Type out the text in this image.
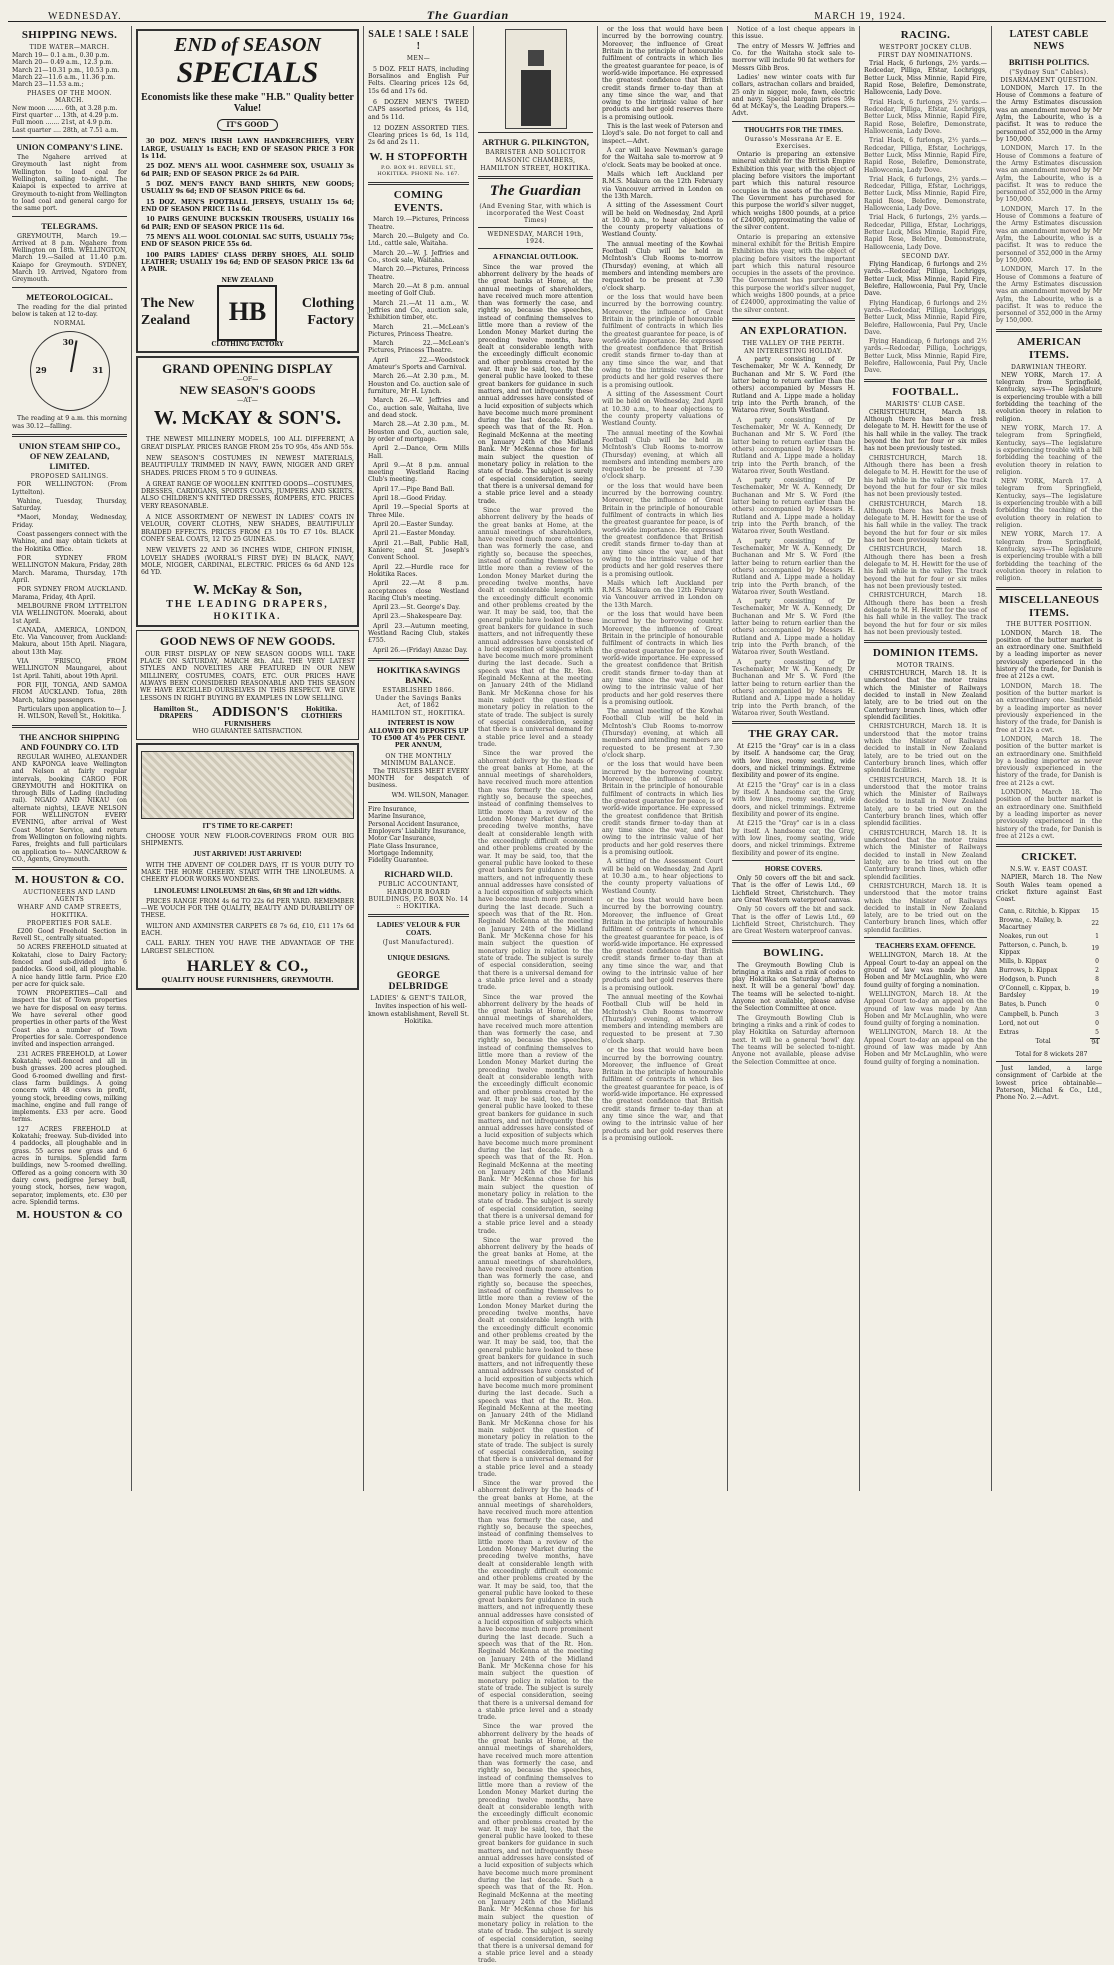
WEDNESDAY.	The Guardian	MARCH 19, 1924.
SHIPPING NEWS.
TIDE WATER—MARCH.
March 19— 0.1 a.m., 0.30 p.m.
March 20— 0.49 a.m., 12.3 p.m.
March 21—10.31 p.m., 10.53 p.m.
March 22—11.6 a.m., 11.36 p.m.
March 23—11.53 a.m.;
PHASES OF THE MOON. MARCH.
New moon ........ 6th, at 3.28 p.m.
First quarter ... 13th, at 4.29 p.m.
Full moon ....... 21st, at 4.9 p.m.
Last quarter .... 28th, at 7.51 a.m.
UNION COMPANY'S LINE.
The Ngahere arrived at Greymouth last night from Wellington to load coal for Wellington, sailing to-night. The Kaiapoi is expected to arrive at Greymouth to-night from Wellington to load coal and general cargo for the same port.
TELEGRAMS.
GREYMOUTH, March 19.—Arrived at 8 p.m. Ngahere from Wellington on 18th. WELLINGTON, March 19.—Sailed at 11.40 p.m. Kaiapo for Greymouth. SYDNEY, March 19. Arrived, Ngatoro from Greymouth.
METEOROLOGICAL.
The reading for the dial printed below is taken at 12 to-day.
NORMAL
30
29	31
The reading at 9 a.m. this morning was 30.12—falling.
UNION STEAM SHIP CO., OF NEW ZEALAND, LIMITED.
PROPOSED SAILINGS.
FOR WELLINGTON: (From Lyttelton).
Wahine, Tuesday, Thursday, Saturday.
*Maori, Monday, Wednesday, Friday.
Coast passengers connect with the Wahine, and may obtain tickets at the Hokitika Office.
FOR SYDNEY FROM WELLINGTON Makura, Friday, 28th March. Marama, Thursday, 17th April.
FOR SYDNEY FROM AUCKLAND. Marama, Friday, 4th April.
MELBOURNE FROM LYTTELTON VIA WELLINGTON. Moeraki, about 1st April.
CANADA, AMERICA, LONDON, Etc. Via Vancouver, from Auckland: Makura, about 15th April. Niagara, about 13th May.
VIA 'FRISCO, FROM WELLINGTON Maungarei, about 1st April. Tahiti, about 19th April.
FOR FIJI, TONGA, AND SAMOA FROM AUCKLAND. Tofua, 28th March, taking passengers.
Particulars upon application to— J. H. WILSON, Revell St., Hokitika.
THE ANCHOR SHIPPING AND FOUNDRY CO. LTD
REGULAR WAIHEO, ALEXANDER AND KAPONGA leave Wellington and Nelson at fairly regular intervals, booking CARGO FOR GREYMOUTH and HOKITIKA on through Bills of Lading (including rail). NGAIO AND NIKAU (on alternate nights), LEAVE NELSON FOR WELLINGTON EVERY EVENING, after arrival of West Coast Motor Service, and return from Wellington on following nights. Fares, freights and full particulars on application to— NANCARROW & CO., Agents, Greymouth.
M. HOUSTON & CO.
AUCTIONEERS AND LAND AGENTS
WHARF AND CAMP STREETS, HOKITIKA.
PROPERTIES FOR SALE.
£200 Good Freehold Section in Revell St., centrally situated.
50 ACRES FREEHOLD situated at Kokatahi, close to Dairy Factory; fenced and sub-divided into 6 paddocks. Good soil, all ploughable. A nice handy little farm. Price £20 per acre for quick sale.
TOWN PROPERTIES—Call and inspect the list of Town properties we have for disposal on easy terms. We have several other good properties in other parts of the West Coast also a number of Town Properties for sale. Correspondence invited and inspection arranged.
231 ACRES FREEHOLD, at Lower Kokatahi; well-fenced and all in bush grasses. 200 acres ploughed. Good 6-roomed dwelling and first-class farm buildings. A going concern with 48 cows in profit, young stock, breeding cows, milking machine, engine and full range of implements. £33 per acre. Good terms.
127 ACRES FREEHOLD at Kokatahi; freeway. Sub-divided into 4 paddocks, all ploughable and in grass. 55 acres new grass and 6 acres in turnips. Splendid farm buildings, new 5-roomed dwelling. Offered as a going concern with 30 dairy cows, pedigree Jersey bull, young stock, horses, new wagon, separator, implements, etc. £30 per acre. Splendid terms.
M. HOUSTON & CO
END of SEASON
SPECIALS
Economists like these make "H.B." Quality better Value!
IT'S GOOD
30 DOZ. MEN'S IRISH LAWN HANDKERCHIEFS, VERY LARGE, USUALLY 1s EACH; END OF SEASON PRICE 3 FOR 1s 11d.
25 DOZ. MEN'S ALL WOOL CASHMERE SOX, USUALLY 3s 6d PAIR; END OF SEASON PRICE 2s 6d PAIR.
5 DOZ. MEN'S FANCY BAND SHIRTS, NEW GOODS; USUALLY 9s 6d; END OF SEASON PRICE 6s 6d.
15 DOZ. MEN'S FOOTBALL JERSEYS, USUALLY 15s 6d; END OF SEASON PRICE 11s 6d.
10 PAIRS GENUINE BUCKSKIN TROUSERS, USUALLY 16s 6d PAIR; END OF SEASON PRICE 11s 6d.
75 MEN'S ALL WOOL COLONIAL SAC SUITS, USUALLY 75s; END OF SEASON PRICE 55s 6d.
100 PAIRS LADIES' CLASS DERBY SHOES, ALL SOLID LEATHER; USUALLY 19s 6d; END OF SEASON PRICE 13s 6d A PAIR.
The New Zealand
NEW ZEALAND
HB
CLOTHING FACTORY
Clothing Factory
GRAND OPENING DISPLAY
—OF—
NEW SEASON'S GOODS
—AT—
W. McKAY & SON'S.
THE NEWEST MILLINERY MODELS, 100 ALL DIFFERENT, A GREAT DISPLAY. PRICES RANGE FROM 25s TO 95s, 45s AND 55s.
NEW SEASON'S COSTUMES IN NEWEST MATERIALS, BEAUTIFULLY TRIMMED IN NAVY, FAWN, NIGGER AND GREY SHADES. PRICES FROM 5 TO 9 GUINEAS.
A GREAT RANGE OF WOOLLEN KNITTED GOODS—COSTUMES, DRESSES, CARDIGANS, SPORTS COATS, JUMPERS AND SKIRTS. ALSO CHILDREN'S KNITTED DRESSES, ROMPERS, ETC. PRICES VERY REASONABLE.
A NICE ASSORTMENT OF NEWEST IN LADIES' COATS IN VELOUR, COVERT CLOTHS, NEW SHADES, BEAUTIFULLY BRAIDED EFFECTS. PRICES FROM £3 10s TO £7 10s. BLACK CONEY SEAL COATS, 12 TO 25 GUINEAS.
NEW VELVETS 22 AND 36 INCHES WIDE, CHIFON FINISH, LOVELY SHADES (WORRAL'S FIRST DYE) IN BLACK, NAVY, MOLE, NIGGER, CARDINAL, ELECTRIC. PRICES 6s 6d AND 12s 6d YD.
W. McKay & Son,
THE LEADING DRAPERS,
HOKITIKA.
GOOD NEWS OF NEW GOODS.
OUR FIRST DISPLAY OF NEW SEASON GOODS WILL TAKE PLACE ON SATURDAY, MARCH 8th. ALL THE VERY LATEST STYLES AND NOVELTIES ARE FEATURED IN OUR NEW MILLINERY, COSTUMES, COATS, ETC. OUR PRICES HAVE ALWAYS BEEN CONSIDERED REASONABLE AND THIS SEASON WE HAVE EXCELLED OURSELVES IN THIS RESPECT. WE GIVE LESSONS IN RIGHT BUYING BY EXAMPLES IN LOW SELLING.
Hamilton St., DRAPERS	ADDISON'S	Hokitika. CLOTHIERS
FURNISHERS
WHO GUARANTEE SATISFACTION.
IT'S TIME TO RE-CARPET!
CHOOSE YOUR NEW FLOOR-COVERINGS FROM OUR BIG SHIPMENTS.
JUST ARRIVED! JUST ARRIVED!
WITH THE ADVENT OF COLDER DAYS, IT IS YOUR DUTY TO MAKE THE HOME CHEERY. START WITH THE LINOLEUMS. A CHEERY FLOOR WORKS WONDERS.
LINOLEUMS! LINOLEUMS! 2ft 6ins, 6ft 9ft and 12ft widths.
PRICES RANGE FROM 4s 6d TO 22s 6d PER YARD. REMEMBER—WE VOUCH FOR THE QUALITY, BEAUTY AND DURABILITY OF THESE.
WILTON AND AXMINSTER CARPETS £8 7s 6d, £10, £11 17s 6d EACH.
CALL EARLY. THEN YOU HAVE THE ADVANTAGE OF THE LARGEST SELECTION.
HARLEY & CO.,
QUALITY HOUSE FURNISHERS, GREYMOUTH.
SALE ! SALE ! SALE !
MEN—
5 DOZ. FELT HATS, including Borsalinos and English Fur Felts. Clearing prices 12s 6d, 15s 6d and 17s 6d.
6 DOZEN MEN'S TWEED CAPS assorted prices, 4s 11d, and 5s 11d.
12 DOZEN ASSORTED TIES. Clearing prices 1s 6d, 1s 11d, 2s 6d and 2s 11.
W. H STOPFORTH
P.O. BOX 91. REVELL ST., HOKITIKA. PHONE No. 167.
COMING EVENTS.
March 19.—Pictures, Princess Theatre.
March 20.—Bulgety and Co. Ltd., cattle sale, Waitaha.
March 20.—W. J. Jeffries and Co., stock sale, Waitaha.
March 20.—Pictures, Princess Theatre.
March 20.—At 8 p.m. annual meeting of Golf Club.
March 21.—At 11 a.m., W. Jeffries and Co., auction sale, Exhibition timber, etc.
March 21.—McLean's Pictures, Princess Theatre.
March 22.—McLean's Pictures, Princess Theatre.
April 22.—Woodstock Amateur's Sports and Carnival.
March 26.—At 2.30 p.m., M. Houston and Co. auction sale of furniture, Mr H. Lynch.
March 26.—W. Jeffries and Co., auction sale, Waitaha, live and dead stock.
March 28.—At 2.30 p.m., M. Houston and Co., auction sale, by order of mortgage.
April 2.—Dance, Orm Mills Hall.
April 9.—At 8 p.m. annual meeting Westland Racing Club's meeting.
April 17.—Pipe Band Ball.
April 18.—Good Friday.
April 19.—Special Sports at Three Mile.
April 20.—Easter Sunday.
April 21.—Easter Monday.
April 21.—Ball, Public Hall, Kaniere; and St. Joseph's Convent School.
April 22.—Hurdle race for Hokitika Races.
April 22.—At 8 p.m. acceptances close Westland Racing Club's meeting.
April 23.—St. George's Day.
April 23.—Shakespeare Day.
April 23.—Autumn meeting, Westland Racing Club, stakes £755.
April 26.—(Friday) Anzac Day.
HOKITIKA SAVINGS BANK.
ESTABLISHED 1866.
Under the Savings Banks Act, of 1862
HAMILTON ST., HOKITIKA.
INTEREST IS NOW ALLOWED ON DEPOSITS UP TO £500 AT 4½ PER CENT. PER ANNUM,
ON THE MONTHLY MINIMUM BALANCE.
The TRUSTEES MEET EVERY MONTH for despatch of business.
WM. WILSON, Manager.
Fire Insurance,
Marine Insurance,
Personal Accident Insurance,
Employers' Liability Insurance,
Motor Car Insurance,
Plate Glass Insurance,
Mortgage Indemnity,
Fidelity Guarantee.
RICHARD WILD.
PUBLIC ACCOUNTANT,
HARBOUR BOARD BUILDINGS, P.O. BOX No. 14 :: HOKITIKA.
LADIES' VELOUR & FUR COATS.
(Just Manufactured).
UNIQUE DESIGNS.
GEORGE DELBRIDGE
LADIES' & GENT'S TAILOR,
Invites inspection of his well-known establishment, Revell St. Hokitika.
ARTHUR G. PILKINGTON,
BARRISTER AND SOLICITOR
MASONIC CHAMBERS,
HAMILTON STREET, HOKITIKA.
The Guardian
(And Evening Star, with which is incorporated the West Coast Times)
WEDNESDAY, MARCH 19th, 1924.
A FINANCIAL OUTLOOK.
Since the war proved the abhorrent delivery by the heads of the great banks at Home, at the annual meetings of shareholders, have received much more attention than was formerly the case, and rightly so, because the speeches, instead of confining themselves to little more than a review of the London Money Market during the preceding twelve months, have dealt at considerable length with the exceedingly difficult economic and other problems created by the war. It may be said, too, that the general public have looked to these great bankers for guidance in such matters, and not infrequently these annual addresses have consisted of a lucid exposition of subjects which have become much more prominent during the last decade. Such a speech was that of the Rt. Hon. Reginald McKenna at the meeting on January 24th of the Midland Bank. Mr McKenna chose for his main subject the question of monetary policy in relation to the state of trade. The subject is surely of especial consideration, seeing that there is a universal demand for a stable price level and a steady trade.
Since the war proved the abhorrent delivery by the heads of the great banks at Home, at the annual meetings of shareholders, have received much more attention than was formerly the case, and rightly so, because the speeches, instead of confining themselves to little more than a review of the London Money Market during the preceding twelve months, have dealt at considerable length with the exceedingly difficult economic and other problems created by the war. It may be said, too, that the general public have looked to these great bankers for guidance in such matters, and not infrequently these annual addresses have consisted of a lucid exposition of subjects which have become much more prominent during the last decade. Such a speech was that of the Rt. Hon. Reginald McKenna at the meeting on January 24th of the Midland Bank. Mr McKenna chose for his main subject the question of monetary policy in relation to the state of trade. The subject is surely of especial consideration, seeing that there is a universal demand for a stable price level and a steady trade.
Since the war proved the abhorrent delivery by the heads of the great banks at Home, at the annual meetings of shareholders, have received much more attention than was formerly the case, and rightly so, because the speeches, instead of confining themselves to little more than a review of the London Money Market during the preceding twelve months, have dealt at considerable length with the exceedingly difficult economic and other problems created by the war. It may be said, too, that the general public have looked to these great bankers for guidance in such matters, and not infrequently these annual addresses have consisted of a lucid exposition of subjects which have become much more prominent during the last decade. Such a speech was that of the Rt. Hon. Reginald McKenna at the meeting on January 24th of the Midland Bank. Mr McKenna chose for his main subject the question of monetary policy in relation to the state of trade. The subject is surely of especial consideration, seeing that there is a universal demand for a stable price level and a steady trade.
Since the war proved the abhorrent delivery by the heads of the great banks at Home, at the annual meetings of shareholders, have received much more attention than was formerly the case, and rightly so, because the speeches, instead of confining themselves to little more than a review of the London Money Market during the preceding twelve months, have dealt at considerable length with the exceedingly difficult economic and other problems created by the war. It may be said, too, that the general public have looked to these great bankers for guidance in such matters, and not infrequently these annual addresses have consisted of a lucid exposition of subjects which have become much more prominent during the last decade. Such a speech was that of the Rt. Hon. Reginald McKenna at the meeting on January 24th of the Midland Bank. Mr McKenna chose for his main subject the question of monetary policy in relation to the state of trade. The subject is surely of especial consideration, seeing that there is a universal demand for a stable price level and a steady trade.
Since the war proved the abhorrent delivery by the heads of the great banks at Home, at the annual meetings of shareholders, have received much more attention than was formerly the case, and rightly so, because the speeches, instead of confining themselves to little more than a review of the London Money Market during the preceding twelve months, have dealt at considerable length with the exceedingly difficult economic and other problems created by the war. It may be said, too, that the general public have looked to these great bankers for guidance in such matters, and not infrequently these annual addresses have consisted of a lucid exposition of subjects which have become much more prominent during the last decade. Such a speech was that of the Rt. Hon. Reginald McKenna at the meeting on January 24th of the Midland Bank. Mr McKenna chose for his main subject the question of monetary policy in relation to the state of trade. The subject is surely of especial consideration, seeing that there is a universal demand for a stable price level and a steady trade.
Since the war proved the abhorrent delivery by the heads of the great banks at Home, at the annual meetings of shareholders, have received much more attention than was formerly the case, and rightly so, because the speeches, instead of confining themselves to little more than a review of the London Money Market during the preceding twelve months, have dealt at considerable length with the exceedingly difficult economic and other problems created by the war. It may be said, too, that the general public have looked to these great bankers for guidance in such matters, and not infrequently these annual addresses have consisted of a lucid exposition of subjects which have become much more prominent during the last decade. Such a speech was that of the Rt. Hon. Reginald McKenna at the meeting on January 24th of the Midland Bank. Mr McKenna chose for his main subject the question of monetary policy in relation to the state of trade. The subject is surely of especial consideration, seeing that there is a universal demand for a stable price level and a steady trade.
Since the war proved the abhorrent delivery by the heads of the great banks at Home, at the annual meetings of shareholders, have received much more attention than was formerly the case, and rightly so, because the speeches, instead of confining themselves to little more than a review of the London Money Market during the preceding twelve months, have dealt at considerable length with the exceedingly difficult economic and other problems created by the war. It may be said, too, that the general public have looked to these great bankers for guidance in such matters, and not infrequently these annual addresses have consisted of a lucid exposition of subjects which have become much more prominent during the last decade. Such a speech was that of the Rt. Hon. Reginald McKenna at the meeting on January 24th of the Midland Bank. Mr McKenna chose for his main subject the question of monetary policy in relation to the state of trade. The subject is surely of especial consideration, seeing that there is a universal demand for a stable price level and a steady trade.
or the loss that would have been incurred by the borrowing country. Moreover, the influence of Great Britain in the principle of honourable fulfilment of contracts in which lies the greatest guarantee for peace, is of world-wide importance. He expressed the greatest confidence that British credit stands firmer to-day than at any time since the war, and that owing to the intrinsic value of her products and her gold reserves there is a promising outlook.
This is the last week of Paterson and Lloyd's sale. Do not forget to call and inspect.—Advt.
A car will leave Newman's garage for the Waitaha sale to-morrow at 9 o'clock. Seats may be booked at once.
Mails which left Auckland per R.M.S. Makura on the 12th February via Vancouver arrived in London on the 13th March.
A sitting of the Assessment Court will be held on Wednesday, 2nd April at 10.30 a.m., to hear objections to the county property valuations of Westland County.
The annual meeting of the Kowhai Football Club will be held in McIntosh's Club Rooms to-morrow (Thursday) evening, at which all members and intending members are requested to be present at 7.30 o'clock sharp.
or the loss that would have been incurred by the borrowing country. Moreover, the influence of Great Britain in the principle of honourable fulfilment of contracts in which lies the greatest guarantee for peace, is of world-wide importance. He expressed the greatest confidence that British credit stands firmer to-day than at any time since the war, and that owing to the intrinsic value of her products and her gold reserves there is a promising outlook.
A sitting of the Assessment Court will be held on Wednesday, 2nd April at 10.30 a.m., to hear objections to the county property valuations of Westland County.
The annual meeting of the Kowhai Football Club will be held in McIntosh's Club Rooms to-morrow (Thursday) evening, at which all members and intending members are requested to be present at 7.30 o'clock sharp.
or the loss that would have been incurred by the borrowing country. Moreover, the influence of Great Britain in the principle of honourable fulfilment of contracts in which lies the greatest guarantee for peace, is of world-wide importance. He expressed the greatest confidence that British credit stands firmer to-day than at any time since the war, and that owing to the intrinsic value of her products and her gold reserves there is a promising outlook.
Mails which left Auckland per R.M.S. Makura on the 12th February via Vancouver arrived in London on the 13th March.
or the loss that would have been incurred by the borrowing country. Moreover, the influence of Great Britain in the principle of honourable fulfilment of contracts in which lies the greatest guarantee for peace, is of world-wide importance. He expressed the greatest confidence that British credit stands firmer to-day than at any time since the war, and that owing to the intrinsic value of her products and her gold reserves there is a promising outlook.
The annual meeting of the Kowhai Football Club will be held in McIntosh's Club Rooms to-morrow (Thursday) evening, at which all members and intending members are requested to be present at 7.30 o'clock sharp.
or the loss that would have been incurred by the borrowing country. Moreover, the influence of Great Britain in the principle of honourable fulfilment of contracts in which lies the greatest guarantee for peace, is of world-wide importance. He expressed the greatest confidence that British credit stands firmer to-day than at any time since the war, and that owing to the intrinsic value of her products and her gold reserves there is a promising outlook.
A sitting of the Assessment Court will be held on Wednesday, 2nd April at 10.30 a.m., to hear objections to the county property valuations of Westland County.
or the loss that would have been incurred by the borrowing country. Moreover, the influence of Great Britain in the principle of honourable fulfilment of contracts in which lies the greatest guarantee for peace, is of world-wide importance. He expressed the greatest confidence that British credit stands firmer to-day than at any time since the war, and that owing to the intrinsic value of her products and her gold reserves there is a promising outlook.
The annual meeting of the Kowhai Football Club will be held in McIntosh's Club Rooms to-morrow (Thursday) evening, at which all members and intending members are requested to be present at 7.30 o'clock sharp.
or the loss that would have been incurred by the borrowing country. Moreover, the influence of Great Britain in the principle of honourable fulfilment of contracts in which lies the greatest guarantee for peace, is of world-wide importance. He expressed the greatest confidence that British credit stands firmer to-day than at any time since the war, and that owing to the intrinsic value of her products and her gold reserves there is a promising outlook.
Notice of a lost cheque appears in this issue.
The entry of Messrs W. Jeffries and Co. for the Waitaha stock sale to-morrow will include 90 fat wethers for Messrs Gibb Bros.
Ladies' new winter coats with fur collars, astrachan collars and braided, 25 only in nigger, mole, fawn, electric and navy. Special bargain prices 59s 6d at McKay's, the Leading Drapers.—Advt.
THOUGHTS FOR THE TIMES.
Ourasso's Messrana Ar E. E. Exercises.
Ontario is preparing an extensive mineral exhibit for the British Empire Exhibition this year, with the object of placing before visitors the important part which this natural resource occupies in the assets of the province. The Government has purchased for this purpose the world's silver nugget, which weighs 1800 pounds, at a price of £24000, approximating the value of the silver content.
Ontario is preparing an extensive mineral exhibit for the British Empire Exhibition this year, with the object of placing before visitors the important part which this natural resource occupies in the assets of the province. The Government has purchased for this purpose the world's silver nugget, which weighs 1800 pounds, at a price of £24000, approximating the value of the silver content.
AN EXPLORATION.
THE VALLEY OF THE PERTH.
AN INTERESTING HOLIDAY.
A party consisting of Dr Teschemaker, Mr W. A. Kennedy, Dr Buchanan and Mr S. W. Ford (the latter being to return earlier than the others) accompanied by Messrs H. Rutland and A. Lippe made a holiday trip into the Perth branch, of the Wataroa river, South Westland.
A party consisting of Dr Teschemaker, Mr W. A. Kennedy, Dr Buchanan and Mr S. W. Ford (the latter being to return earlier than the others) accompanied by Messrs H. Rutland and A. Lippe made a holiday trip into the Perth branch, of the Wataroa river, South Westland.
A party consisting of Dr Teschemaker, Mr W. A. Kennedy, Dr Buchanan and Mr S. W. Ford (the latter being to return earlier than the others) accompanied by Messrs H. Rutland and A. Lippe made a holiday trip into the Perth branch, of the Wataroa river, South Westland.
A party consisting of Dr Teschemaker, Mr W. A. Kennedy, Dr Buchanan and Mr S. W. Ford (the latter being to return earlier than the others) accompanied by Messrs H. Rutland and A. Lippe made a holiday trip into the Perth branch, of the Wataroa river, South Westland.
A party consisting of Dr Teschemaker, Mr W. A. Kennedy, Dr Buchanan and Mr S. W. Ford (the latter being to return earlier than the others) accompanied by Messrs H. Rutland and A. Lippe made a holiday trip into the Perth branch, of the Wataroa river, South Westland.
A party consisting of Dr Teschemaker, Mr W. A. Kennedy, Dr Buchanan and Mr S. W. Ford (the latter being to return earlier than the others) accompanied by Messrs H. Rutland and A. Lippe made a holiday trip into the Perth branch, of the Wataroa river, South Westland.
THE GRAY CAR.
At £215 the "Gray" car is in a class by itself. A handsome car, the Gray, with low lines, roomy seating, wide doors, and nickel trimmings. Extreme flexibility and power of its engine.
At £215 the "Gray" car is in a class by itself. A handsome car, the Gray, with low lines, roomy seating, wide doors, and nickel trimmings. Extreme flexibility and power of its engine.
At £215 the "Gray" car is in a class by itself. A handsome car, the Gray, with low lines, roomy seating, wide doors, and nickel trimmings. Extreme flexibility and power of its engine.
HORSE COVERS.
Only 50 covers off the bit and sack. That is the offer of Lewis Ltd., 69 Lichfield Street, Christchurch. They are Great Western waterproof canvas.
Only 50 covers off the bit and sack. That is the offer of Lewis Ltd., 69 Lichfield Street, Christchurch. They are Great Western waterproof canvas.
BOWLING.
The Greymouth Bowling Club is bringing a rinks and a rink of codes to play Hokitika on Saturday afternoon next. It will be a general 'bowl' day. The teams will be selected to-night. Anyone not available, please advise the Selection Committee at once.
The Greymouth Bowling Club is bringing a rinks and a rink of codes to play Hokitika on Saturday afternoon next. It will be a general 'bowl' day. The teams will be selected to-night. Anyone not available, please advise the Selection Committee at once.
RACING.
WESTPORT JOCKEY CLUB.
FIRST DAY NOMINATIONS.
Trial Hack, 6 furlongs, 2½ yards.—Redcedar, Pilliga, Efstar, Lochriggs, Better Luck, Miss Minnie, Rapid Fire, Rapid Rose, Belefire, Demonstrate, Hallowcenia, Lady Dove.
Trial Hack, 6 furlongs, 2½ yards.—Redcedar, Pilliga, Efstar, Lochriggs, Better Luck, Miss Minnie, Rapid Fire, Rapid Rose, Belefire, Demonstrate, Hallowcenia, Lady Dove.
Trial Hack, 6 furlongs, 2½ yards.—Redcedar, Pilliga, Efstar, Lochriggs, Better Luck, Miss Minnie, Rapid Fire, Rapid Rose, Belefire, Demonstrate, Hallowcenia, Lady Dove.
Trial Hack, 6 furlongs, 2½ yards.—Redcedar, Pilliga, Efstar, Lochriggs, Better Luck, Miss Minnie, Rapid Fire, Rapid Rose, Belefire, Demonstrate, Hallowcenia, Lady Dove.
Trial Hack, 6 furlongs, 2½ yards.—Redcedar, Pilliga, Efstar, Lochriggs, Better Luck, Miss Minnie, Rapid Fire, Rapid Rose, Belefire, Demonstrate, Hallowcenia, Lady Dove.
SECOND DAY.
Flying Handicap, 6 furlongs and 2½ yards.—Redcedar, Pilliga, Lochriggs, Better Luck, Miss Minnie, Rapid Fire, Belefire, Hallowcenia, Paul Pry, Uncle Dave.
Flying Handicap, 6 furlongs and 2½ yards.—Redcedar, Pilliga, Lochriggs, Better Luck, Miss Minnie, Rapid Fire, Belefire, Hallowcenia, Paul Pry, Uncle Dave.
Flying Handicap, 6 furlongs and 2½ yards.—Redcedar, Pilliga, Lochriggs, Better Luck, Miss Minnie, Rapid Fire, Belefire, Hallowcenia, Paul Pry, Uncle Dave.
FOOTBALL.
MARISTS' CLUB CASE.
CHRISTCHURCH, March 18. Although there has been a fresh delegate to M. H. Hewitt for the use of his hall while in the valley. The track beyond the hut for four or six miles has not been previously tested.
CHRISTCHURCH, March 18. Although there has been a fresh delegate to M. H. Hewitt for the use of his hall while in the valley. The track beyond the hut for four or six miles has not been previously tested.
CHRISTCHURCH, March 18. Although there has been a fresh delegate to M. H. Hewitt for the use of his hall while in the valley. The track beyond the hut for four or six miles has not been previously tested.
CHRISTCHURCH, March 18. Although there has been a fresh delegate to M. H. Hewitt for the use of his hall while in the valley. The track beyond the hut for four or six miles has not been previously tested.
CHRISTCHURCH, March 18. Although there has been a fresh delegate to M. H. Hewitt for the use of his hall while in the valley. The track beyond the hut for four or six miles has not been previously tested.
DOMINION ITEMS.
MOTOR TRAINS.
CHRISTCHURCH, March 18. It is understood that the motor trains which the Minister of Railways decided to install in New Zealand lately, are to be tried out on the Canterbury branch lines, which offer splendid facilities.
CHRISTCHURCH, March 18. It is understood that the motor trains which the Minister of Railways decided to install in New Zealand lately, are to be tried out on the Canterbury branch lines, which offer splendid facilities.
CHRISTCHURCH, March 18. It is understood that the motor trains which the Minister of Railways decided to install in New Zealand lately, are to be tried out on the Canterbury branch lines, which offer splendid facilities.
CHRISTCHURCH, March 18. It is understood that the motor trains which the Minister of Railways decided to install in New Zealand lately, are to be tried out on the Canterbury branch lines, which offer splendid facilities.
CHRISTCHURCH, March 18. It is understood that the motor trains which the Minister of Railways decided to install in New Zealand lately, are to be tried out on the Canterbury branch lines, which offer splendid facilities.
TEACHERS EXAM. OFFENCE.
WELLINGTON, March 18. At the Appeal Court to-day an appeal on the ground of law was made by Ann Hoben and Mr McLaughlin, who were found guilty of forging a nomination.
WELLINGTON, March 18. At the Appeal Court to-day an appeal on the ground of law was made by Ann Hoben and Mr McLaughlin, who were found guilty of forging a nomination.
WELLINGTON, March 18. At the Appeal Court to-day an appeal on the ground of law was made by Ann Hoben and Mr McLaughlin, who were found guilty of forging a nomination.
LATEST CABLE NEWS
BRITISH POLITICS.
("Sydney Sun" Cables).
DISARMAMENT QUESTION.
LONDON, March 17. In the House of Commons a feature of the Army Estimates discussion was an amendment moved by Mr Aylm, the Labourite, who is a pacifist. It was to reduce the personnel of 352,000 in the Army by 150,000.
LONDON, March 17. In the House of Commons a feature of the Army Estimates discussion was an amendment moved by Mr Aylm, the Labourite, who is a pacifist. It was to reduce the personnel of 352,000 in the Army by 150,000.
LONDON, March 17. In the House of Commons a feature of the Army Estimates discussion was an amendment moved by Mr Aylm, the Labourite, who is a pacifist. It was to reduce the personnel of 352,000 in the Army by 150,000.
LONDON, March 17. In the House of Commons a feature of the Army Estimates discussion was an amendment moved by Mr Aylm, the Labourite, who is a pacifist. It was to reduce the personnel of 352,000 in the Army by 150,000.
AMERICAN ITEMS.
DARWINIAN THEORY.
NEW YORK, March 17. A telegram from Springfield, Kentucky, says—The legislature is experiencing trouble with a bill forbidding the teaching of the evolution theory in relation to religion.
NEW YORK, March 17. A telegram from Springfield, Kentucky, says—The legislature is experiencing trouble with a bill forbidding the teaching of the evolution theory in relation to religion.
NEW YORK, March 17. A telegram from Springfield, Kentucky, says—The legislature is experiencing trouble with a bill forbidding the teaching of the evolution theory in relation to religion.
NEW YORK, March 17. A telegram from Springfield, Kentucky, says—The legislature is experiencing trouble with a bill forbidding the teaching of the evolution theory in relation to religion.
MISCELLANEOUS ITEMS.
THE BUTTER POSITION.
LONDON, March 18. The position of the butter market is an extraordinary one. Smithfield by a leading importer as never previously experienced in the history of the trade, for Danish is free at 212s a cwt.
LONDON, March 18. The position of the butter market is an extraordinary one. Smithfield by a leading importer as never previously experienced in the history of the trade, for Danish is free at 212s a cwt.
LONDON, March 18. The position of the butter market is an extraordinary one. Smithfield by a leading importer as never previously experienced in the history of the trade, for Danish is free at 212s a cwt.
LONDON, March 18. The position of the butter market is an extraordinary one. Smithfield by a leading importer as never previously experienced in the history of the trade, for Danish is free at 212s a cwt.
CRICKET.
N.S.W. v. EAST COAST.
NAPIER, March 18. The New South Wales team opened a cricket fixture against East Coast.
Cann, c. Ritchie, b. Kippax	15
Browne, c. Mailey, b. Macartney	22
Noakes, run out	1
Patterson, c. Punch, b. Kippax	19
Mills, b. Kippax	0
Burrows, b. Kippax	2
Hodgson, b. Punch	8
O'Connell, c. Kippax, b. Bardsley	19
Bates, b. Punch	0
Campbell, b. Punch	3
Lord, not out	0
Extras	5
Total	94
Total for 8 wickets 287
Just landed, a large consignment of Carbide at the lowest price obtainable—Paterson, Michal & Co., Ltd., Phone No. 2.—Advt.
